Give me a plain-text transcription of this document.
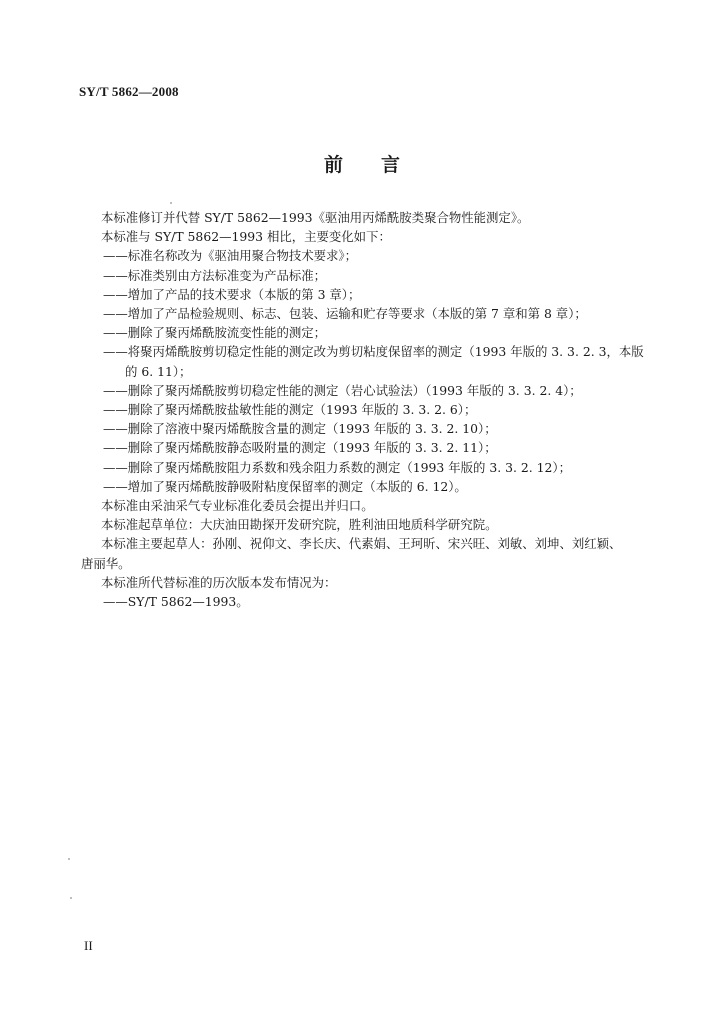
SY/T 5862—2008
前言
本标准修订并代替 SY/T 5862—1993《驱油用丙烯酰胺类聚合物性能测定》。
本标准与 SY/T 5862—1993 相比，主要变化如下：
——标准名称改为《驱油用聚合物技术要求》；
——标准类别由方法标准变为产品标准；
——增加了产品的技术要求（本版的第 3 章）；
——增加了产品检验规则、标志、包装、运输和贮存等要求（本版的第 7 章和第 8 章）；
——删除了聚丙烯酰胺流变性能的测定；
——将聚丙烯酰胺剪切稳定性能的测定改为剪切粘度保留率的测定（1993 年版的 3. 3. 2. 3，本版
的 6. 11）；
——删除了聚丙烯酰胺剪切稳定性能的测定（岩心试验法）（1993 年版的 3. 3. 2. 4）；
——删除了聚丙烯酰胺盐敏性能的测定（1993 年版的 3. 3. 2. 6）；
——删除了溶液中聚丙烯酰胺含量的测定（1993 年版的 3. 3. 2. 10）；
——删除了聚丙烯酰胺静态吸附量的测定（1993 年版的 3. 3. 2. 11）；
——删除了聚丙烯酰胺阻力系数和残余阻力系数的测定（1993 年版的 3. 3. 2. 12）；
——增加了聚丙烯酰胺静吸附粘度保留率的测定（本版的 6. 12）。
本标准由采油采气专业标准化委员会提出并归口。
本标准起草单位：大庆油田勘探开发研究院，胜利油田地质科学研究院。
本标准主要起草人：孙刚、祝仰文、李长庆、代素娟、王珂昕、宋兴旺、刘敏、刘坤、刘红颖、
唐丽华。
本标准所代替标准的历次版本发布情况为：
——SY/T 5862—1993。
II
